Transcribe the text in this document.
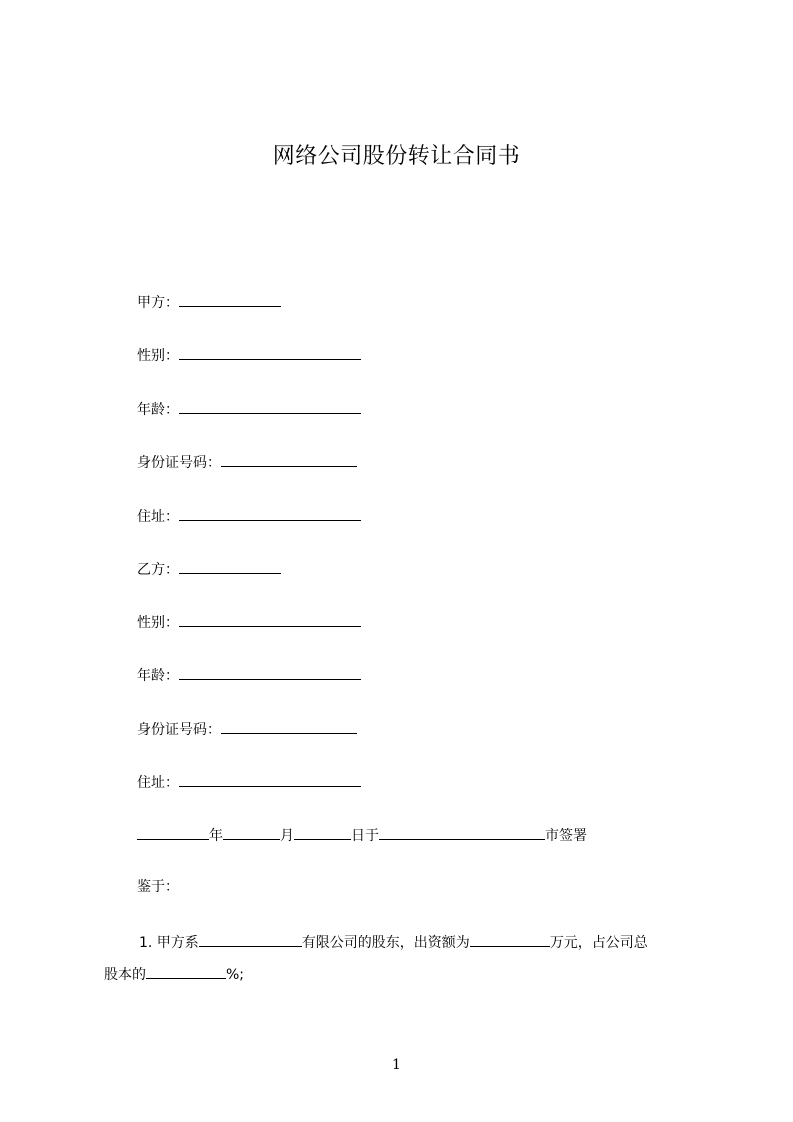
网络公司股份转让合同书
甲方：
性别：
年龄：
身份证号码：
住址：
乙方：
性别：
年龄：
身份证号码：
住址：
年	月	日于	市签署
鉴于：
1. 甲方系	有限公司的股东，出资额为	万元，占公司总
股本的	%;
1
